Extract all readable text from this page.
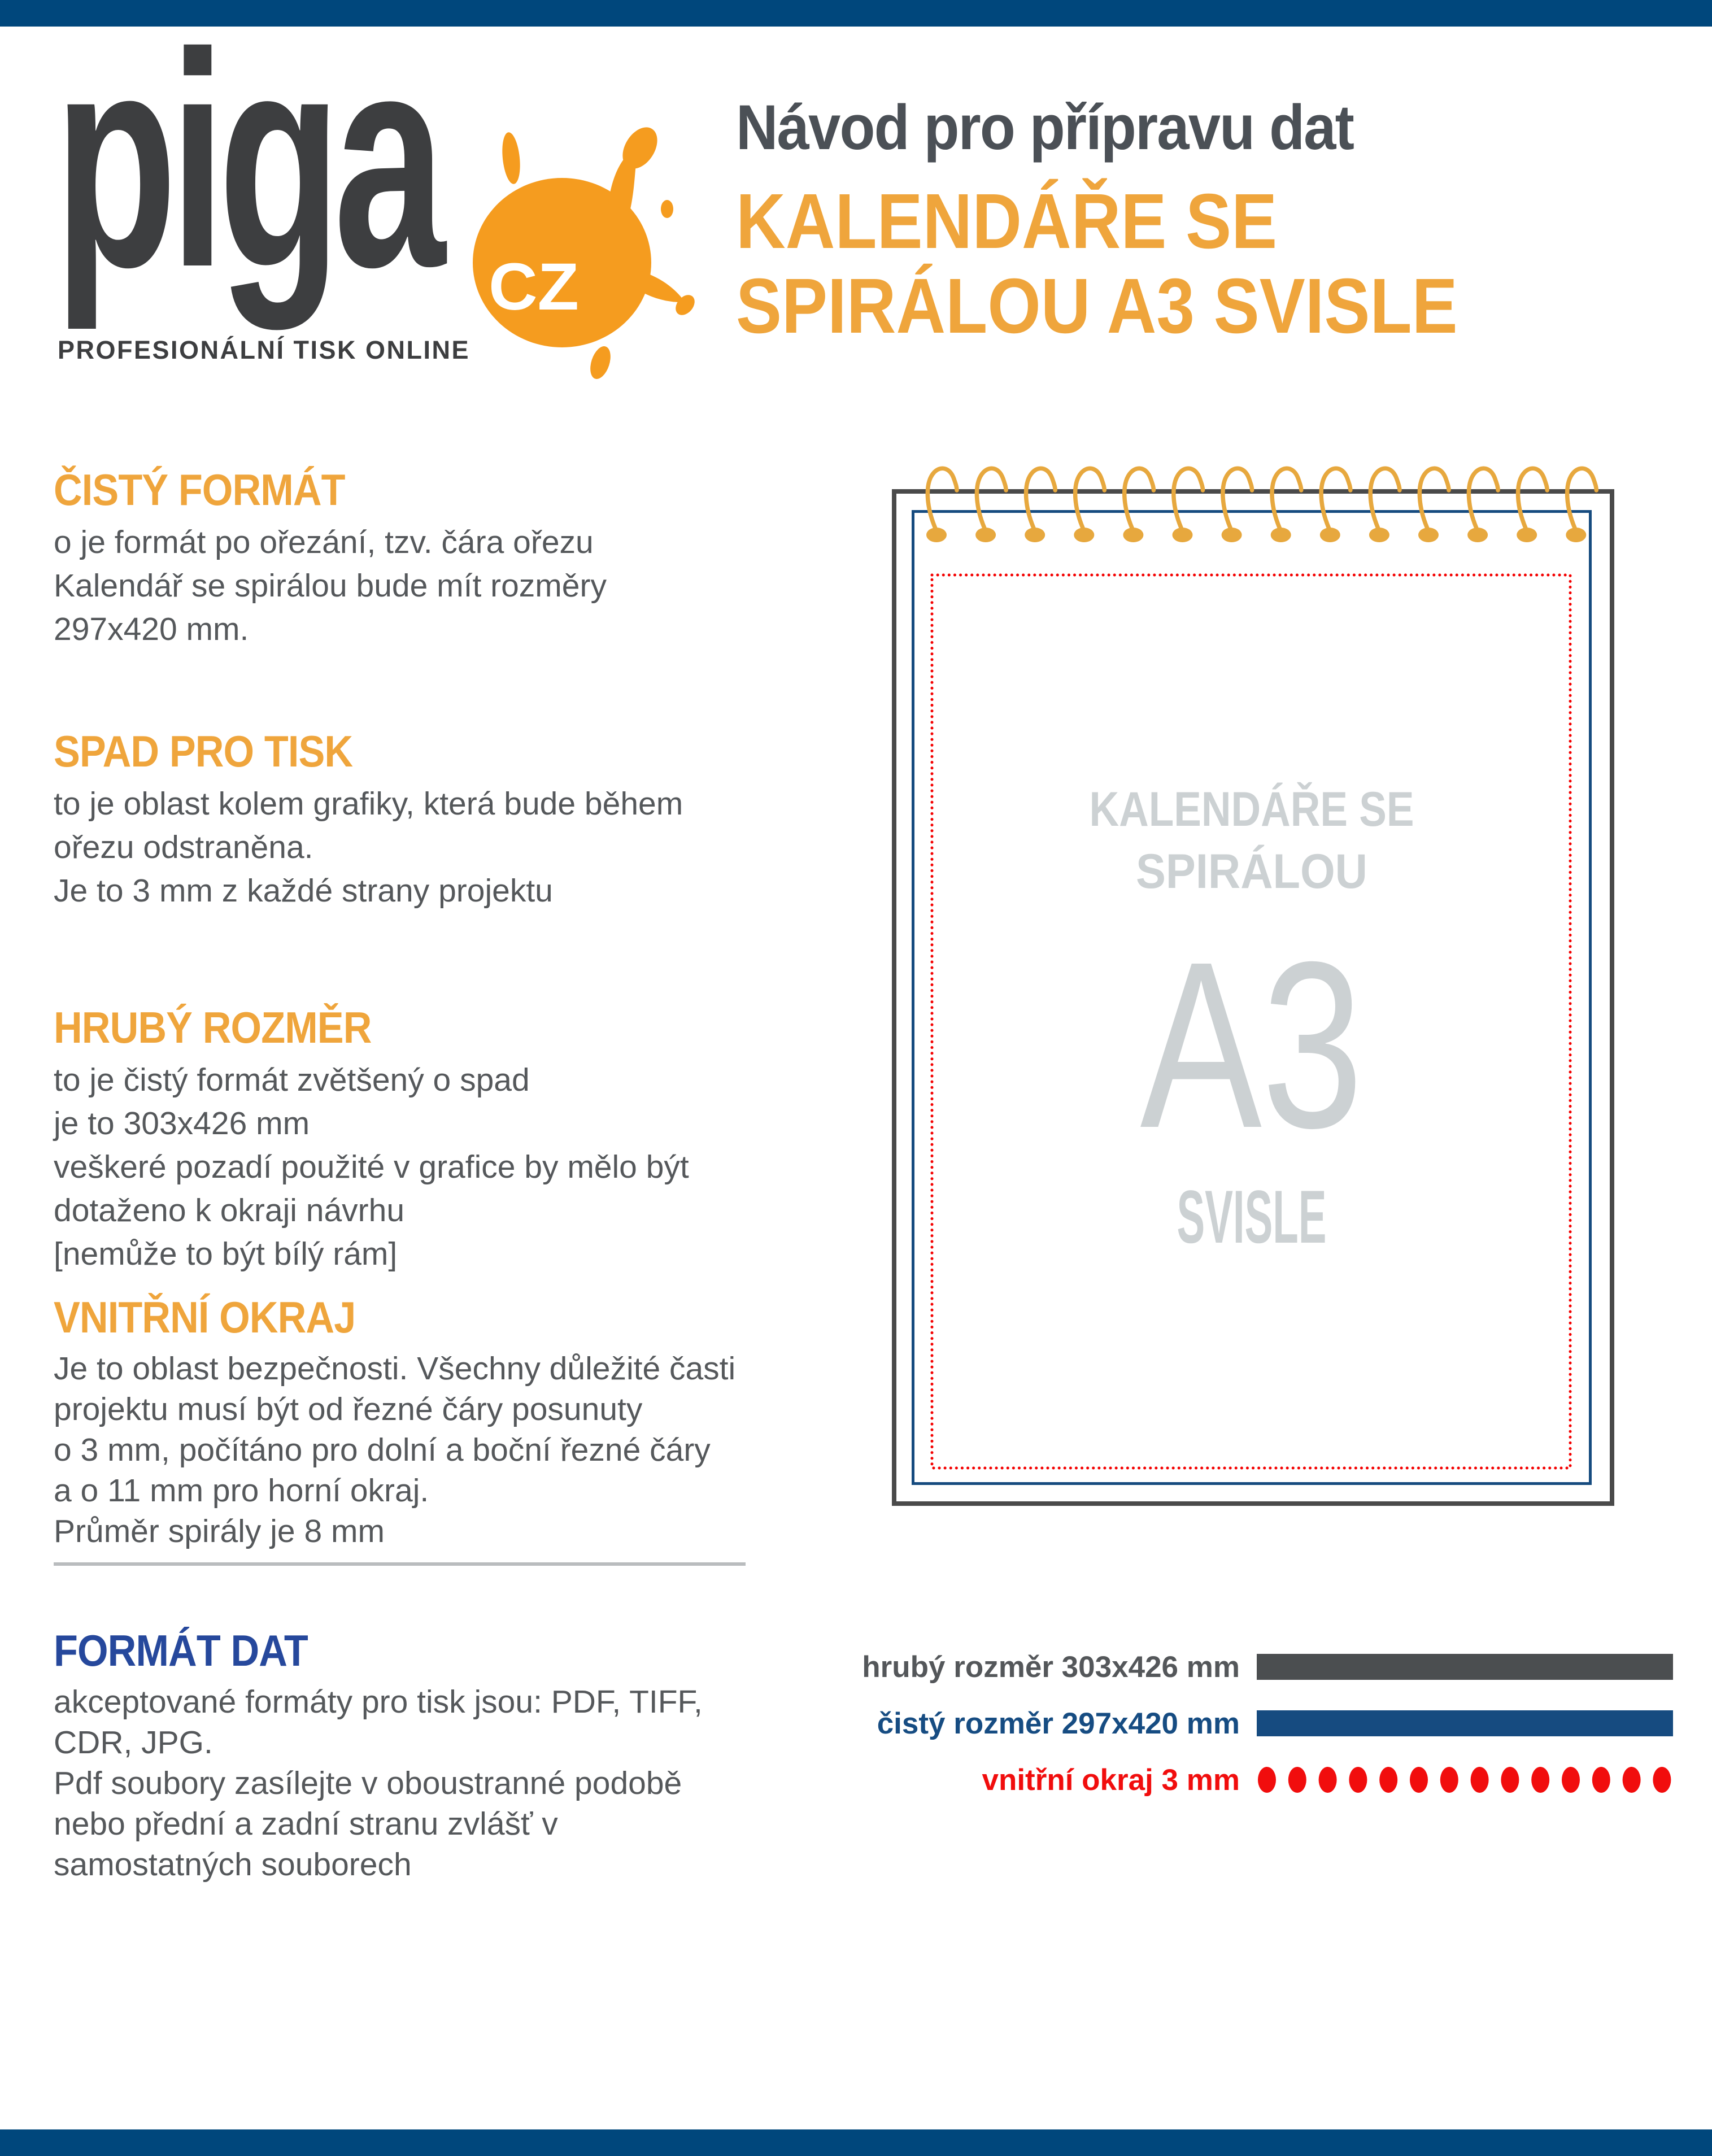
piga CZ
PROFESIONÁLNÍ TISK ONLINE
Návod pro přípravu dat
KALENDÁŘE SE
SPIRÁLOU A3 SVISLE
ČISTÝ FORMÁT
o je formát po ořezání, tzv. čára ořezu
Kalendář se spirálou bude mít rozměry
297x420 mm.
SPAD PRO TISK
to je oblast kolem grafiky, která bude během
ořezu odstraněna.
Je to 3 mm z každé strany projektu
HRUBÝ ROZMĚR
to je čistý formát zvětšený o spad
je to 303x426 mm
veškeré pozadí použité v grafice by mělo být
dotaženo k okraji návrhu
[nemůže to být bílý rám]
VNITŘNÍ OKRAJ
Je to oblast bezpečnosti. Všechny důležité časti
projektu musí být od řezné čáry posunuty
o 3 mm, počítáno pro dolní a boční řezné čáry
a o 11 mm pro horní okraj.
Průměr spirály je 8 mm
FORMÁT DAT
akceptované formáty pro tisk jsou: PDF, TIFF,
CDR, JPG.
Pdf soubory zasílejte v oboustranné podobě
nebo přední a zadní stranu zvlášť v
samostatných souborech
KALENDÁŘE SE
SPIRÁLOU
A3
SVISLE
hrubý rozměr 303x426 mm
čistý rozměr 297x420 mm
vnitřní okraj 3 mm
